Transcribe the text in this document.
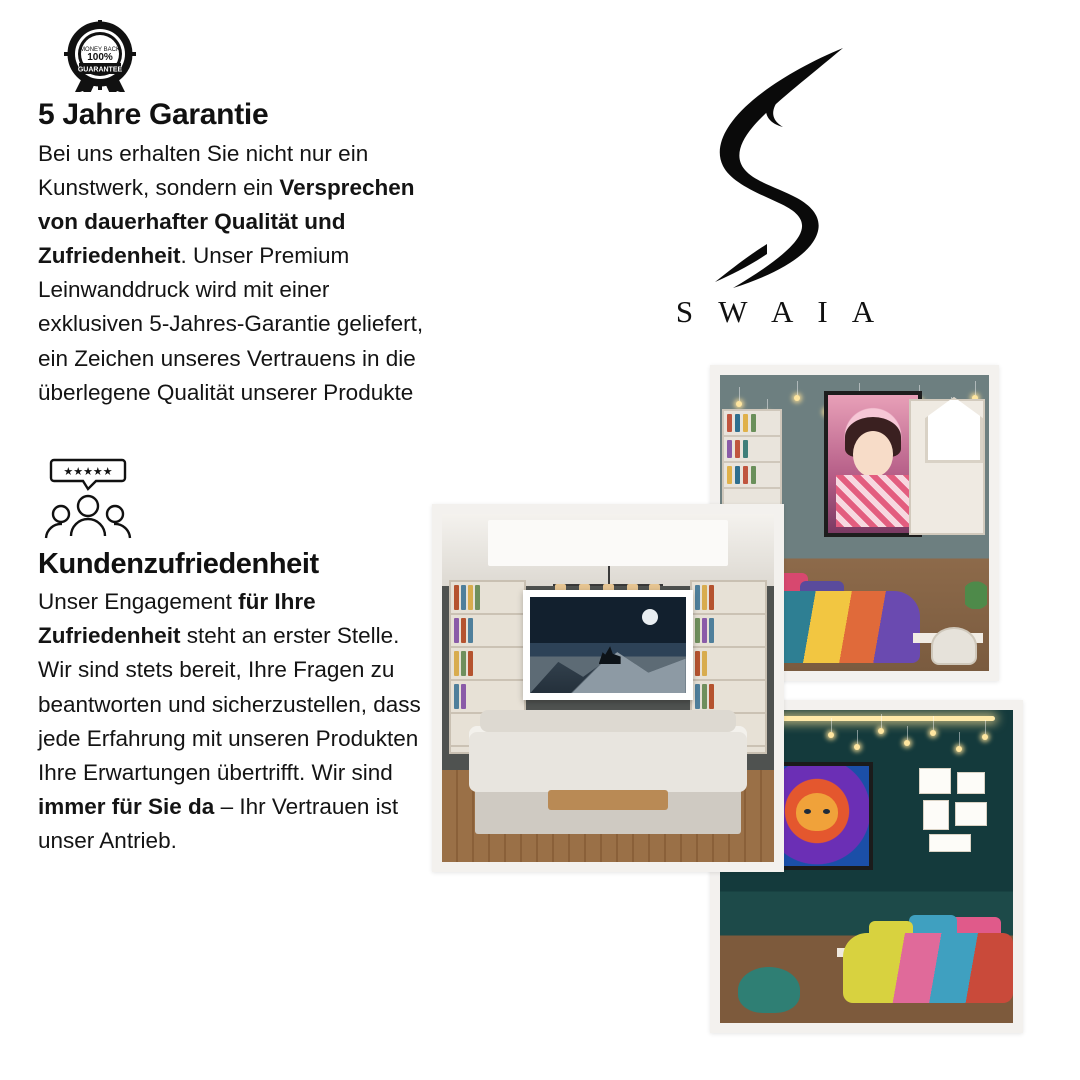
MONEY BACK
100%
GUARANTEE
5 Jahre Garantie

Bei uns erhalten Sie nicht nur ein Kunstwerk, sondern ein Versprechen von dauerhafter Qualität und Zufriedenheit. Unser Premium Leinwanddruck wird mit einer exklusiven 5-Jahres-Garantie geliefert, ein Zeichen unseres Vertrauens in die überlegene Qualität unserer Produkte

★★★★★
Kundenzufriedenheit

Unser Engagement für Ihre Zufriedenheit steht an erster Stelle. Wir sind stets bereit, Ihre Fragen zu beantworten und sicherzustellen, dass jede Erfahrung mit unseren Produkten Ihre Erwartungen übertrifft. Wir sind immer für Sie da – Ihr Vertrauen ist unser Antrieb.

S W A I A
